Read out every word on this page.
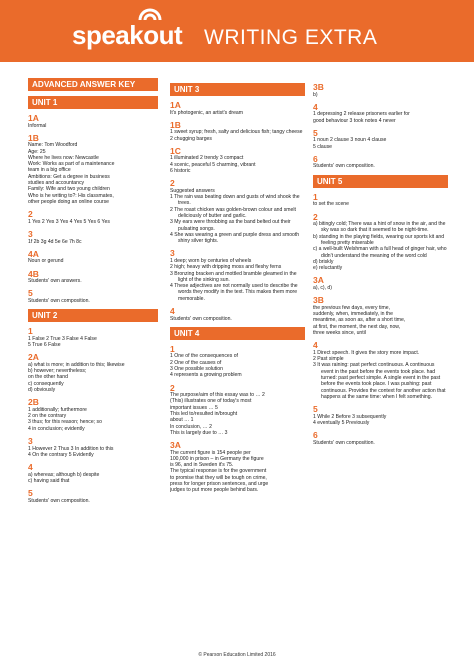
speakout WRITING EXTRA
ADVANCED ANSWER KEY
UNIT 1
1A
Informal
1B
Name: Tom Woodford
Age: 25
Where he lives now: Newcastle
Work: Works as part of a maintenance
team in a big office
Ambitions: Get a degree in business
studies and accountancy
Family: Wife and two young children
Who is he writing to?: His classmates,
other people doing an online course
2
1 Yes 2 Yes 3 Yes 4 Yes 5 Yes 6 Yes
3
1f 2b 3g 4d 5e 6e 7h 8c
4A
Noun or gerund
4B
Students' own answers.
5
Students' own composition.
UNIT 2
1
1 False 2 True 3 False 4 False
5 True 6 False
2A
a) what is more; in addition to this; likewise
b) however; nevertheless;
on the other hand
c) consequently
d) obviously
2B
1 additionally; furthermore
2 on the contrary
3 thus; for this reason; hence; so
4 in conclusion; evidently
3
1 However 2 Thus 3 In addition to this
4 On the contrary 5 Evidently
4
a) whereas; although b) despite
c) having said that
5
Students' own composition.
UNIT 3
1A
It's photogenic, an artist's dream
1B
1 sweet syrup; fresh, salty and delicious fish; tangy cheese
2 chugging barges
1C
1 illuminated 2 trendy 3 compact
4 scenic, peaceful 5 charming, vibrant
6 historic
2
Suggested answers
1 The rain was beating down and gusts of wind shook the trees.
2 The roast chicken was golden-brown colour and smelt deliciously of butter and garlic.
3 My ears were throbbing as the band belted out their pulsating songs.
4 She was wearing a green and purple dress and smooth shiny silver tights.
3
1 deep; worn by centuries of wheels
2 high; heavy with dripping moss and fleshy ferns
3 Bronzing bracken and mottled bramble gleamed in the light of the sinking sun.
4 These adjectives are not normally used to describe the words they modify in the text. This makes them more memorable.
4
Students' own composition.
UNIT 4
1
1 One of the consequences of
2 One of the causes of
3 One possible solution
4 represents a growing problem
2
The purpose/aim of this essay was to … 2
(This) illustrates one of today's most
important issues … 5
This led to/resulted in/brought
about … 1
In conclusion, … 2
This is largely due to … 3
3A
The current figure is 154 people per
100,000 in prison – in Germany the figure
is 96, and in Sweden it's 75.
The typical response is for the government
to promise that they will be tough on crime,
press for longer prison sentences, and urge
judges to put more people behind bars.
3B
b)
4
1 depressing 2 release prisoners earlier for
good behaviour 3 took notes 4 never
5
1 noun 2 clause 3 noun 4 clause
5 clause
6
Students' own composition.
UNIT 5
1
to set the scene
2
a) bitingly cold; There was a hint of snow in the air, and the sky was so dark that it seemed to be night-time.
b) standing in the playing fields, wearing our sports kit and feeling pretty miserable
c) a well-built Welshman with a full head of ginger hair, who didn't understand the meaning of the word cold
d) briskly
e) reluctantly
3A
a), c), d)
3B
the previous few days, every time,
suddenly, when, immediately, in the
meantime, as soon as, after a short time,
at first, the moment, the next day, now,
three weeks since, until
4
1 Direct speech. It gives the story more impact.
2 Past simple
3 It was raining: past perfect continuous. A continuous event in the past before the events took place. had turned: past perfect simple. A single event in the past before the events took place. I was pushing: past continuous. Provides the context for another action that happens at the same time: when I felt something.
5
1 While 2 Before 3 subsequently
4 eventually 5 Previously
6
Students' own composition.
© Pearson Education Limited 2016
